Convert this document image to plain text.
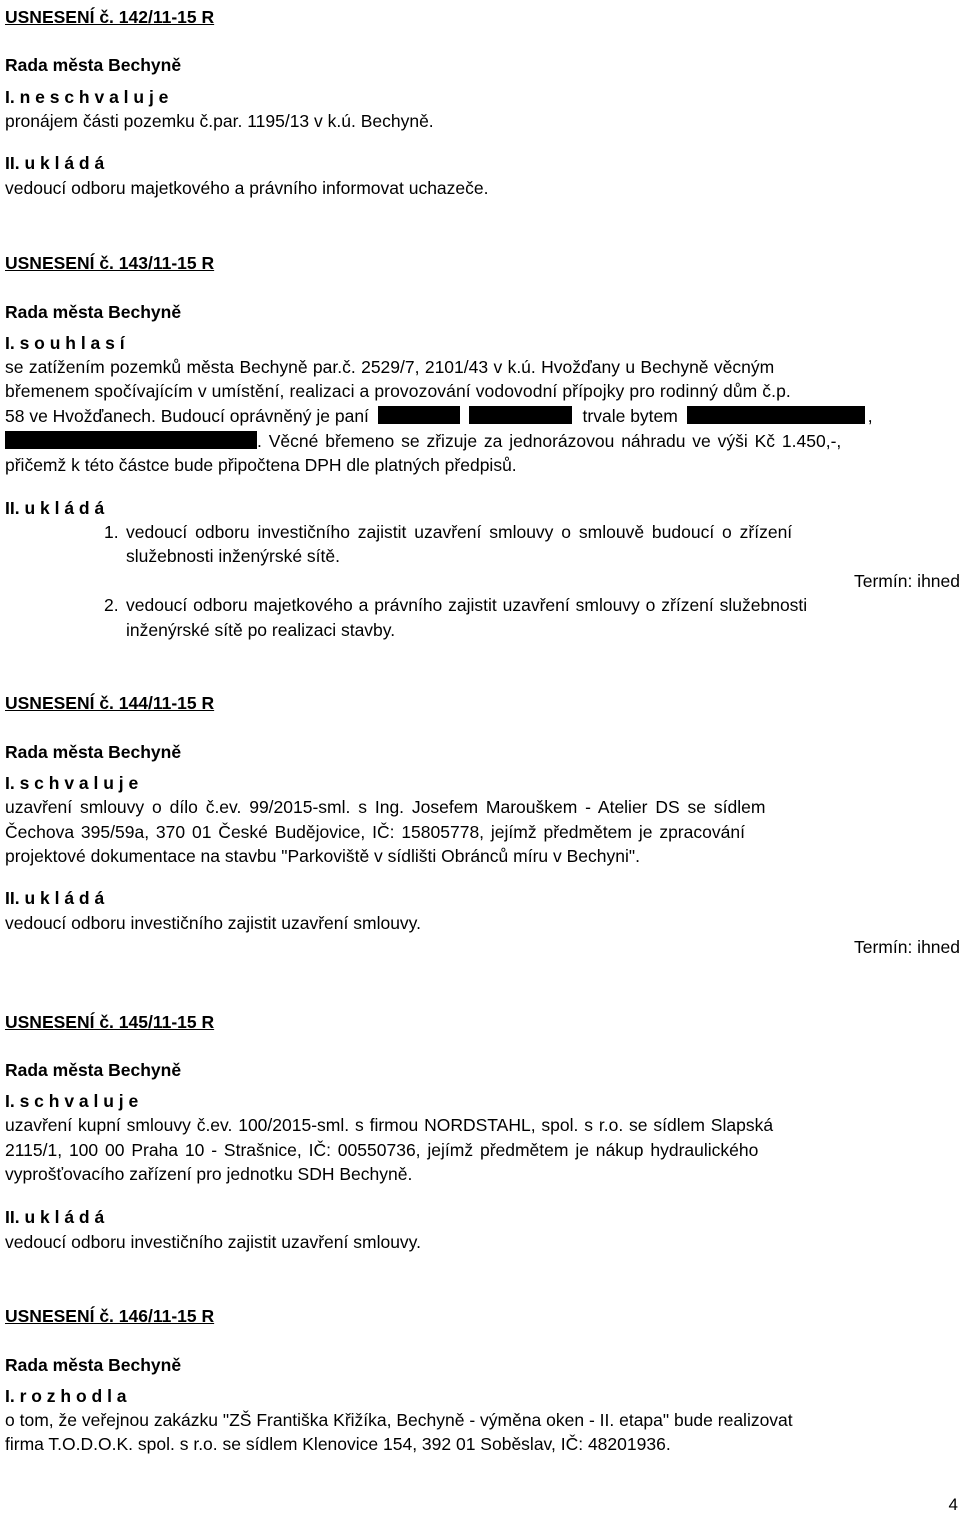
USNESENÍ č. 142/11-15 R
Rada města Bechyně
I. n e s c h v a l u j e
pronájem části pozemku č.par. 1195/13 v k.ú. Bechyně.
II. u k l á d á
vedoucí odboru majetkového a právního informovat uchazeče.
USNESENÍ č. 143/11-15 R
Rada města Bechyně
I. s o u h l a s í
se zatížením pozemků města Bechyně par.č. 2529/7, 2101/43 v k.ú. Hvožďany u Bechyně věcným
břemenem spočívajícím v umístění, realizaci a provozování vodovodní přípojky pro rodinný dům č.p.
58 ve Hvožďanech. Budoucí oprávněný je paní	trvale bytem	,
. Věcné břemeno se zřizuje za jednorázovou náhradu ve výši Kč 1.450,-,
přičemž k této částce bude připočtena DPH dle platných předpisů.
II. u k l á d á
1. vedoucí odboru investičního zajistit uzavření smlouvy o smlouvě budoucí o zřízení
služebnosti inženýrské sítě.
Termín: ihned
2. vedoucí odboru majetkového a právního zajistit uzavření smlouvy o zřízení služebnosti
inženýrské sítě po realizaci stavby.
USNESENÍ č. 144/11-15 R
Rada města Bechyně
I. s c h v a l u j e
uzavření smlouvy o dílo č.ev. 99/2015-sml. s Ing. Josefem Marouškem - Atelier DS se sídlem
Čechova 395/59a, 370 01 České Budějovice, IČ: 15805778, jejímž předmětem je zpracování
projektové dokumentace na stavbu "Parkoviště v sídlišti Obránců míru v Bechyni".
II. u k l á d á
vedoucí odboru investičního zajistit uzavření smlouvy.
Termín: ihned
USNESENÍ č. 145/11-15 R
Rada města Bechyně
I. s c h v a l u j e
uzavření kupní smlouvy č.ev. 100/2015-sml. s firmou NORDSTAHL, spol. s r.o. se sídlem Slapská
2115/1, 100 00 Praha 10 - Strašnice, IČ: 00550736, jejímž předmětem je nákup hydraulického
vyprošťovacího zařízení pro jednotku SDH Bechyně.
II. u k l á d á
vedoucí odboru investičního zajistit uzavření smlouvy.
USNESENÍ č. 146/11-15 R
Rada města Bechyně
I. r o z h o d l a
o tom, že veřejnou zakázku "ZŠ Františka Křižíka, Bechyně - výměna oken - II. etapa" bude realizovat
firma T.O.D.O.K. spol. s r.o. se sídlem Klenovice 154, 392 01 Soběslav, IČ: 48201936.
4
